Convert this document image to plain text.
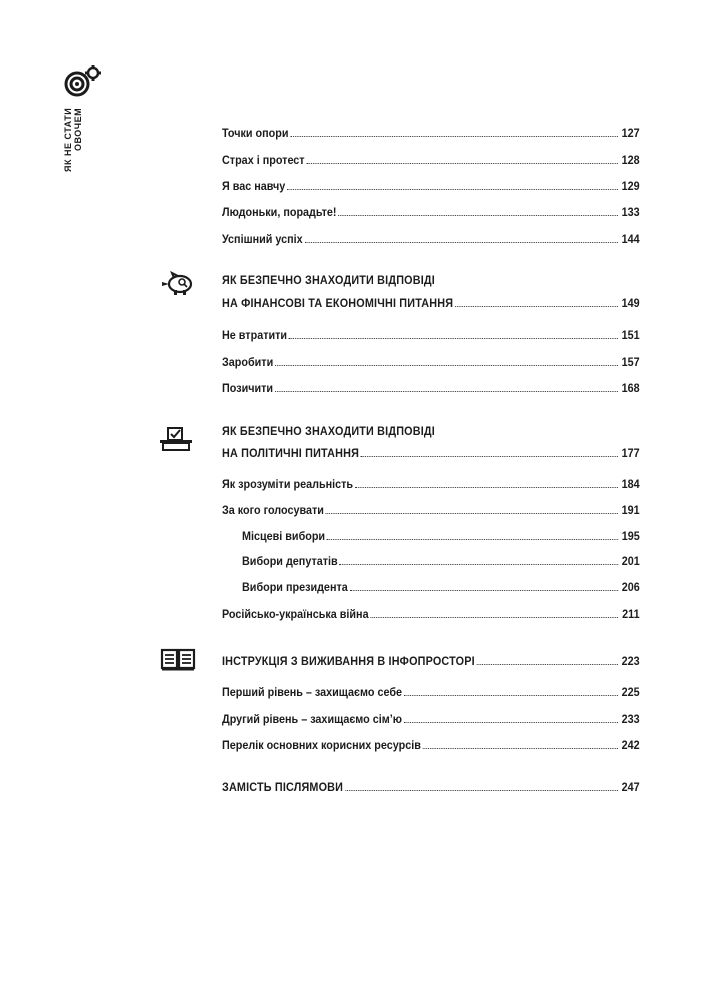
ЯК НЕ СТАТИ ОВОЧЕМ	Точки опори	127
Страх і протест	128
Я вас навчу	129
Людоньки, порадьте!	133
Успішний успіх	144
ЯК БЕЗПЕЧНО ЗНАХОДИТИ ВІДПОВІДІ
НА ФІНАНСОВІ ТА ЕКОНОМІЧНІ ПИТАННЯ	149
Не втратити	151
Заробити	157
Позичити	168
ЯК БЕЗПЕЧНО ЗНАХОДИТИ ВІДПОВІДІ
НА ПОЛІТИЧНІ ПИТАННЯ	177
Як зрозуміти реальність	184
За кого голосувати	191
Місцеві вибори	195
Вибори депутатів	201
Вибори президента	206
Російсько-українська війна	211
ІНСТРУКЦІЯ З ВИЖИВАННЯ В ІНФОПРОСТОРІ	223
Перший рівень – захищаємо себе	225
Другий рівень – захищаємо сім’ю	233
Перелік основних корисних ресурсів	242
ЗАМІСТЬ ПІСЛЯМОВИ	247
